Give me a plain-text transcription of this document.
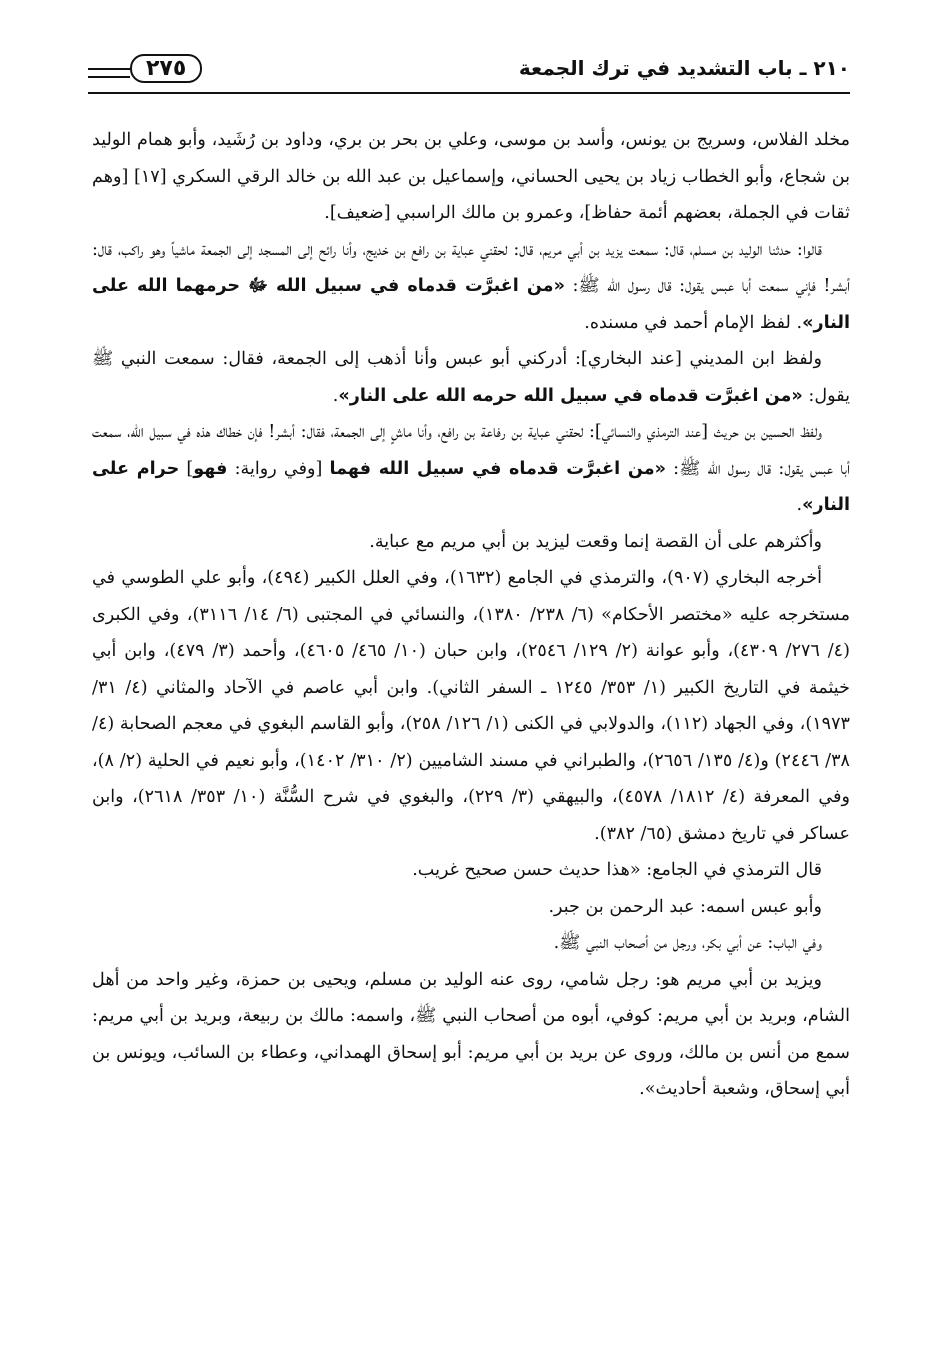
٢١٠ ـ باب التشديد في ترك الجمعة
٢٧٥

مخلد الفلاس، وسريج بن يونس، وأسد بن موسى، وعلي بن بحر بن بري، وداود بن رُشَيد، وأبو همام الوليد بن شجاع، وأبو الخطاب زياد بن يحيى الحساني، وإسماعيل بن عبد الله بن خالد الرقي السكري [١٧] [وهم ثقات في الجملة، بعضهم أئمة حفاظ]، وعمرو بن مالك الراسبي [ضعيف].

قالوا: حدثنا الوليد بن مسلم، قال: سمعت يزيد بن أبي مريم، قال: لحقني عباية بن رافع بن خديج، وأنا رائح إلى المسجد إلى الجمعة ماشياً وهو راكب، قال: أبشر! فإني سمعت أبا عبس يقول: قال رسول الله ﷺ: «من اغبرَّت قدماه في سبيل الله ﷻ حرمهما الله على النار». لفظ الإمام أحمد في مسنده.

ولفظ ابن المديني [عند البخاري]: أدركني أبو عبس وأنا أذهب إلى الجمعة، فقال: سمعت النبي ﷺ يقول: «من اغبرَّت قدماه في سبيل الله حرمه الله على النار».

ولفظ الحسين بن حريث [عند الترمذي والنسائي]: لحقني عباية بن رفاعة بن رافع، وأنا ماشٍ إلى الجمعة، فقال: أبشر! فإن خطاك هذه في سبيل الله، سمعت أبا عبس يقول: قال رسول الله ﷺ: «من اغبرَّت قدماه في سبيل الله فهما [وفي رواية: فهو] حرام على النار».

وأكثرهم على أن القصة إنما وقعت ليزيد بن أبي مريم مع عباية.

أخرجه البخاري (٩٠٧)، والترمذي في الجامع (١٦٣٢)، وفي العلل الكبير (٤٩٤)، وأبو علي الطوسي في مستخرجه عليه «مختصر الأحكام» (٦/ ٢٣٨/ ١٣٨٠)، والنسائي في المجتبى (٦/ ١٤/ ٣١١٦)، وفي الكبرى (٤/ ٢٧٦/ ٤٣٠٩)، وأبو عوانة (٢/ ١٢٩/ ٢٥٤٦)، وابن حبان (١٠/ ٤٦٥/ ٤٦٠٥)، وأحمد (٣/ ٤٧٩)، وابن أبي خيثمة في التاريخ الكبير (١/ ٣٥٣/ ١٢٤٥ ـ السفر الثاني). وابن أبي عاصم في الآحاد والمثاني (٤/ ٣١/ ١٩٧٣)، وفي الجهاد (١١٢)، والدولابي في الكنى (١/ ١٢٦/ ٢٥٨)، وأبو القاسم البغوي في معجم الصحابة (٤/ ٣٨/ ٢٤٤٦) و(٤/ ١٣٥/ ٢٦٥٦)، والطبراني في مسند الشاميين (٢/ ٣١٠/ ١٤٠٢)، وأبو نعيم في الحلية (٢/ ٨)، وفي المعرفة (٤/ ١٨١٢/ ٤٥٧٨)، والبيهقي (٣/ ٢٢٩)، والبغوي في شرح السُّنَّة (١٠/ ٣٥٣/ ٢٦١٨)، وابن عساكر في تاريخ دمشق (٦٥/ ٣٨٢).

قال الترمذي في الجامع: «هذا حديث حسن صحيح غريب.

وأبو عبس اسمه: عبد الرحمن بن جبر.

وفي الباب: عن أبي بكر، ورجل من أصحاب النبي ﷺ.

ويزيد بن أبي مريم هو: رجل شامي، روى عنه الوليد بن مسلم، ويحيى بن حمزة، وغير واحد من أهل الشام، وبريد بن أبي مريم: كوفي، أبوه من أصحاب النبي ﷺ، واسمه: مالك بن ربيعة، وبريد بن أبي مريم: سمع من أنس بن مالك، وروى عن بريد بن أبي مريم: أبو إسحاق الهمداني، وعطاء بن السائب، ويونس بن أبي إسحاق، وشعبة أحاديث».
